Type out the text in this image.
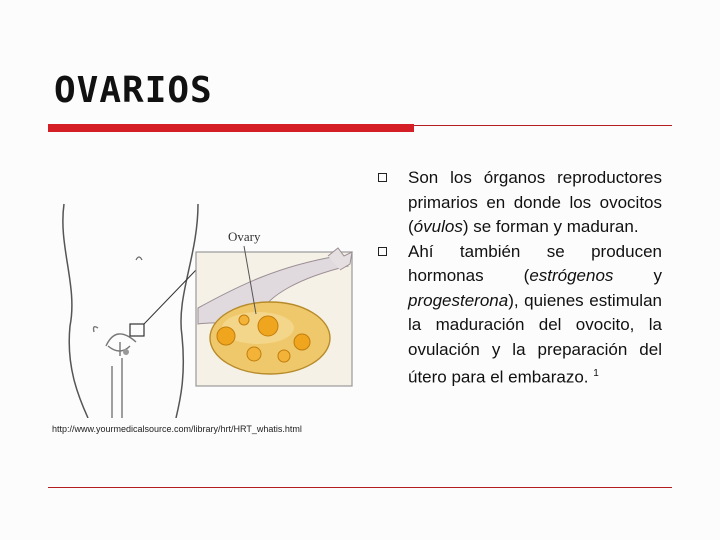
OVARIOS
Ovary
http://www.yourmedicalsource.com/library/hrt/HRT_whatis.html
Son los órganos reproductores primarios en donde los ovocitos (óvulos) se forman y maduran.
Ahí también se producen hormonas (estrógenos y progesterona), quienes estimulan la maduración del ovocito, la ovulación y la preparación del útero para el embarazo. $^1$
